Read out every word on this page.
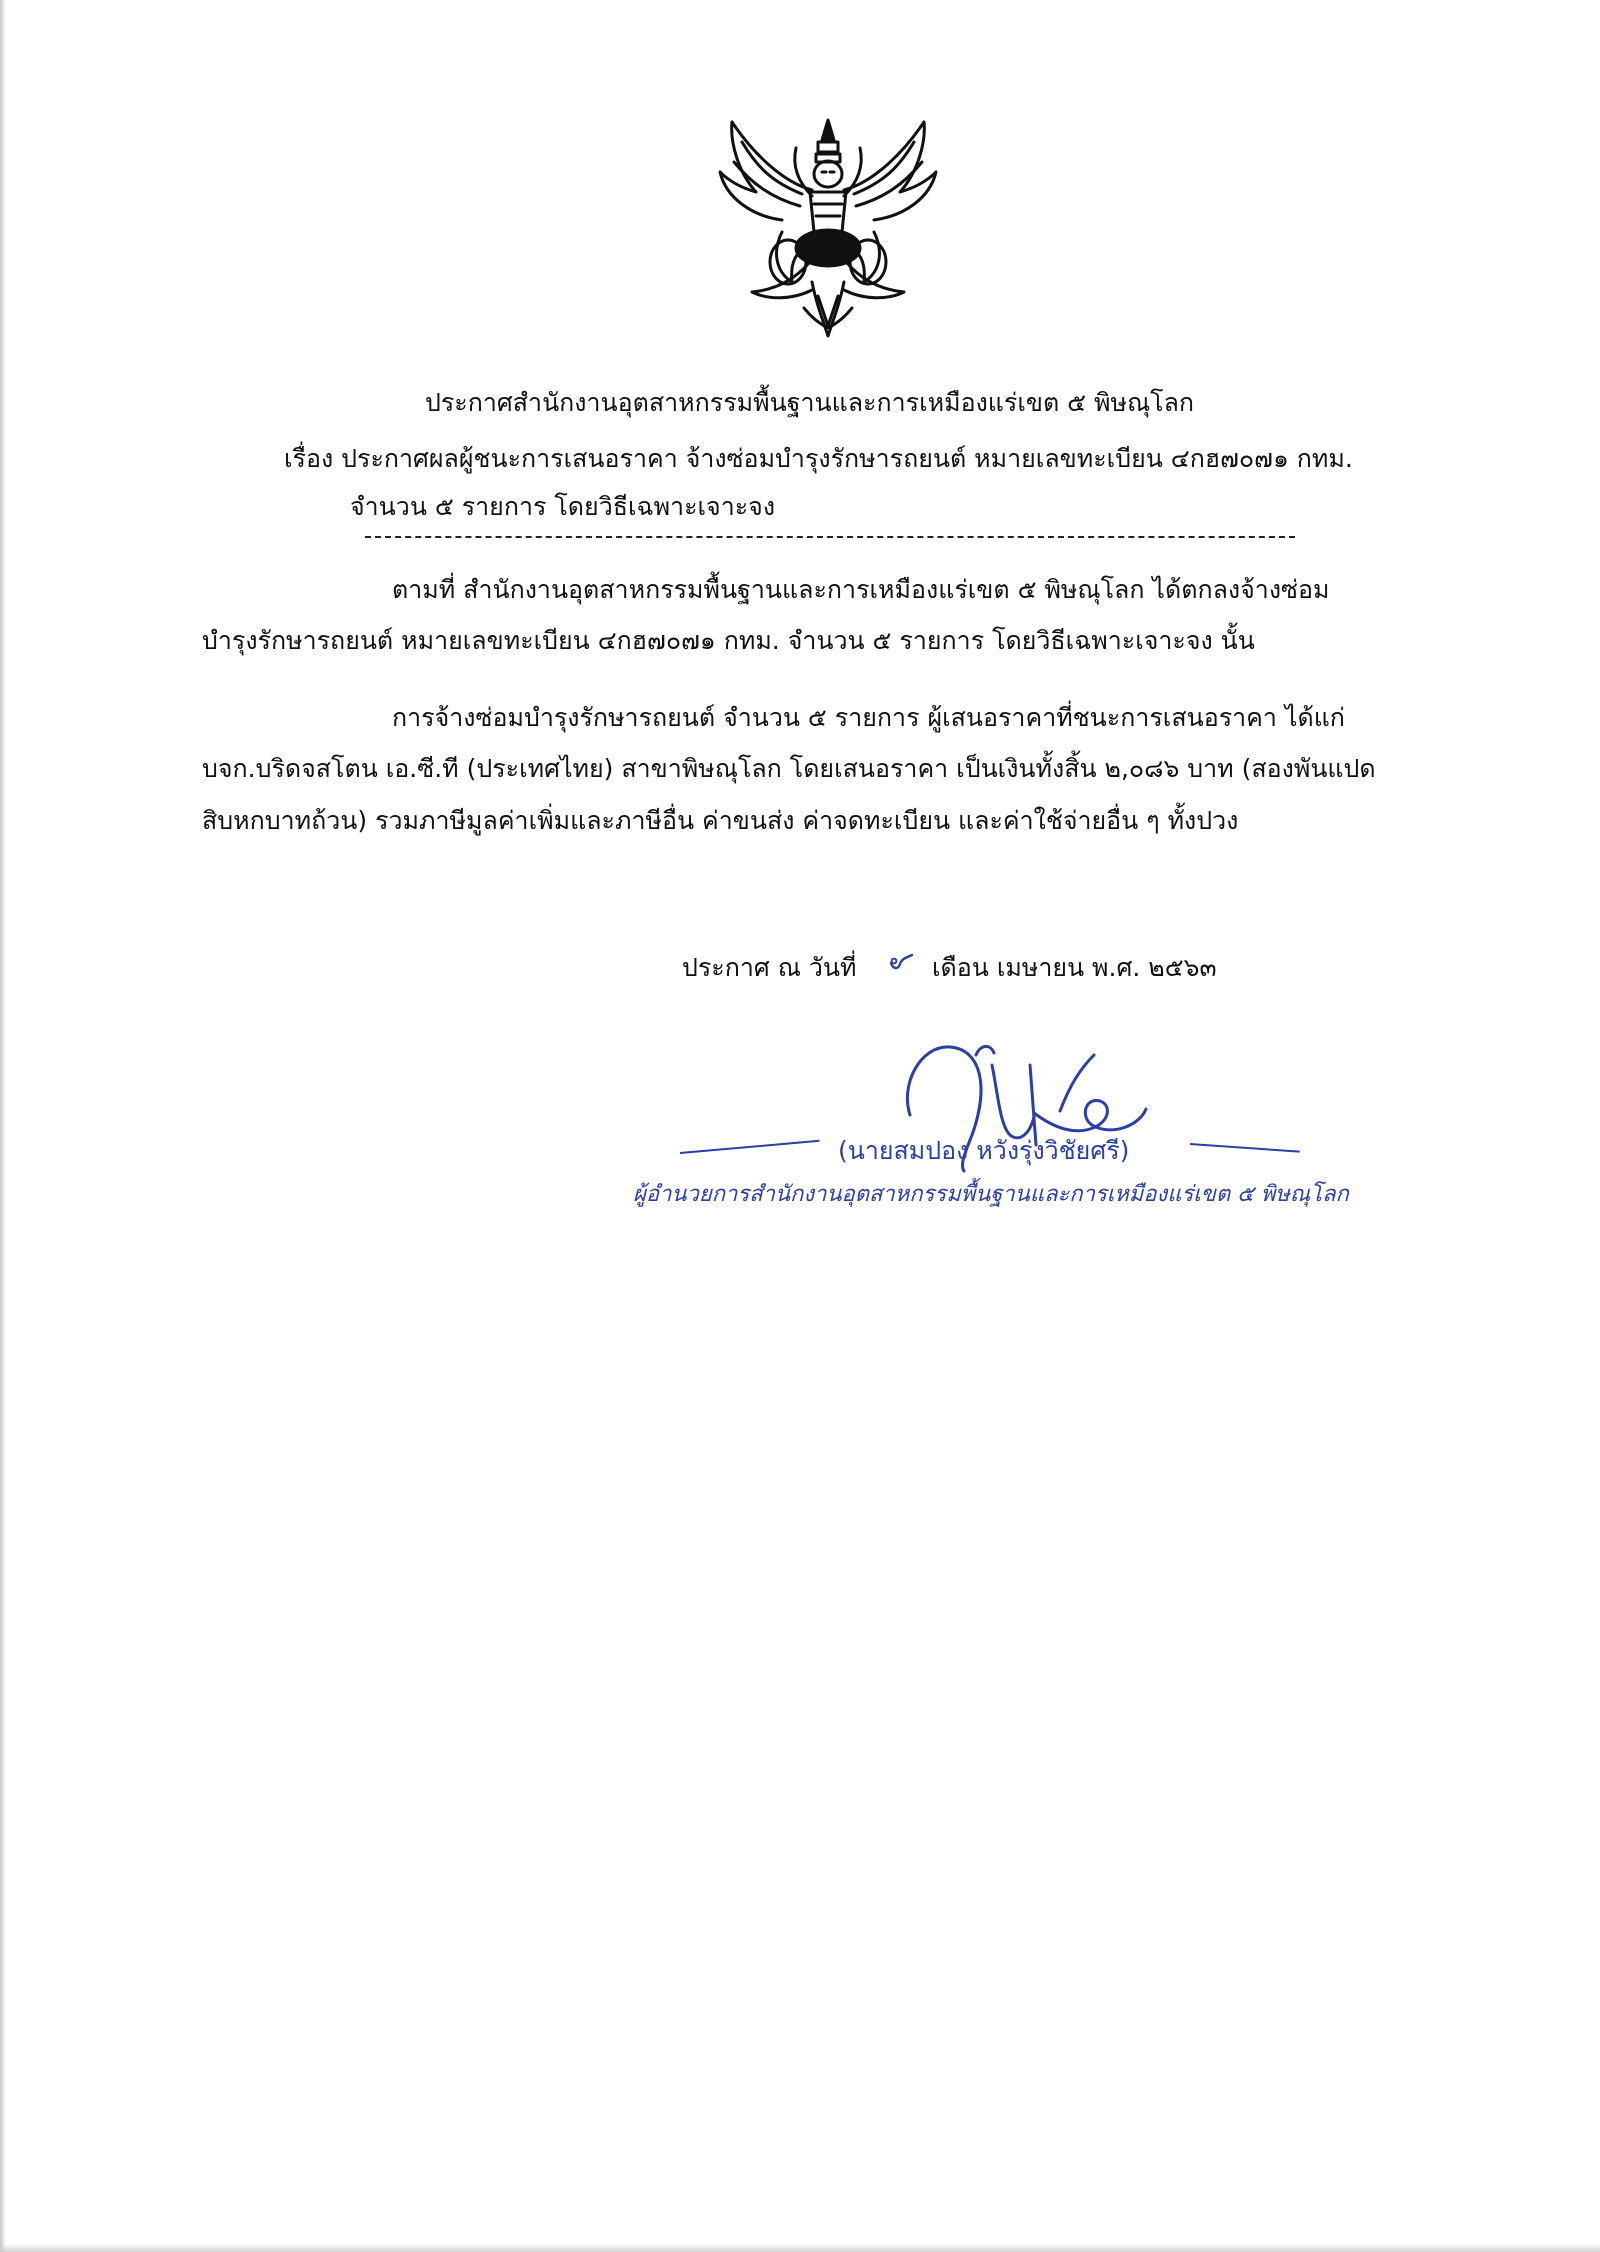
ประกาศสำนักงานอุตสาหกรรมพื้นฐานและการเหมืองแร่เขต ๕ พิษณุโลก
เรื่อง ประกาศผลผู้ชนะการเสนอราคา จ้างซ่อมบำรุงรักษารถยนต์ หมายเลขทะเบียน ๔กฮ๗๐๗๑ กทม.
จำนวน ๕ รายการ โดยวิธีเฉพาะเจาะจง
ตามที่ สำนักงานอุตสาหกรรมพื้นฐานและการเหมืองแร่เขต ๕ พิษณุโลก ได้ตกลงจ้างซ่อม
บำรุงรักษารถยนต์ หมายเลขทะเบียน ๔กฮ๗๐๗๑ กทม. จำนวน ๕ รายการ โดยวิธีเฉพาะเจาะจง นั้น
การจ้างซ่อมบำรุงรักษารถยนต์ จำนวน ๕ รายการ ผู้เสนอราคาที่ชนะการเสนอราคา ได้แก่
บจก.บริดจสโตน เอ.ซี.ที (ประเทศไทย) สาขาพิษณุโลก โดยเสนอราคา เป็นเงินทั้งสิ้น ๒,๐๘๖ บาท (สองพันแปด
สิบหกบาทถ้วน) รวมภาษีมูลค่าเพิ่มและภาษีอื่น ค่าขนส่ง ค่าจดทะเบียน และค่าใช้จ่ายอื่น ๆ ทั้งปวง
ประกาศ ณ วันที่	เดือน เมษายน พ.ศ. ๒๕๖๓
(นายสมปอง หวังรุ่งวิชัยศรี)
ผู้อำนวยการสำนักงานอุตสาหกรรมพื้นฐานและการเหมืองแร่เขต ๕ พิษณุโลก
